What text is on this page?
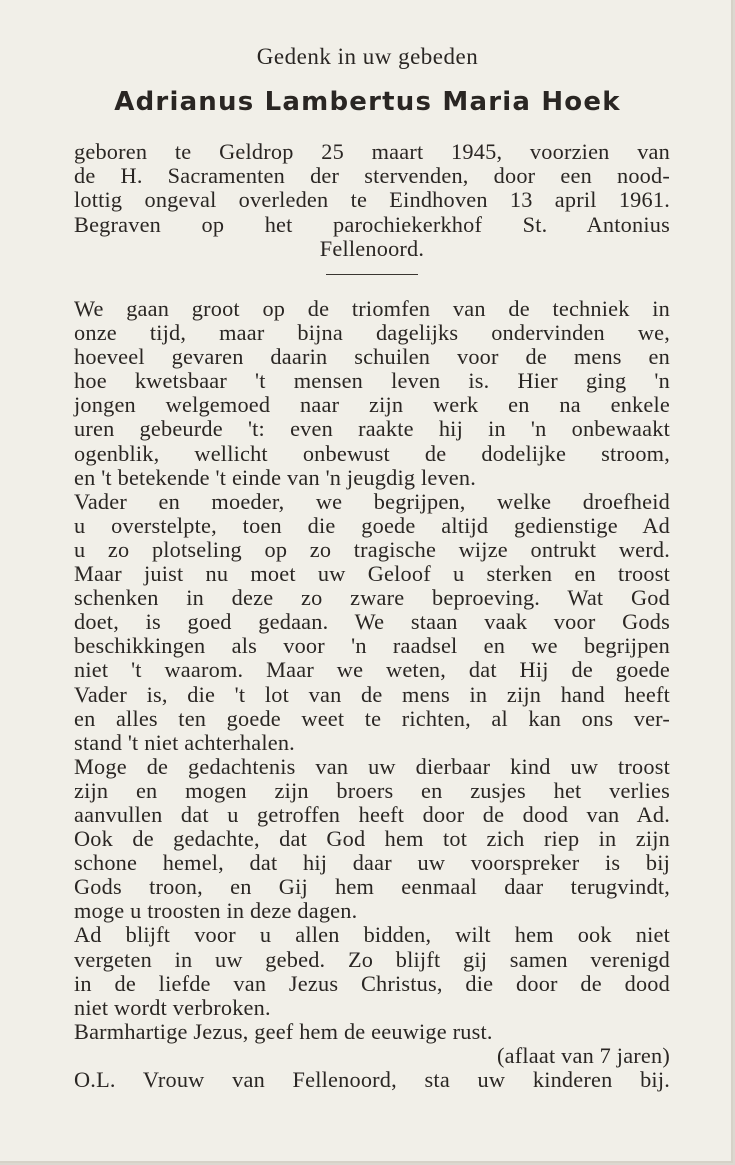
Gedenk in uw gebeden
Adrianus Lambertus Maria Hoek
geboren te Geldrop 25 maart 1945, voorzien van
de H. Sacramenten der stervenden, door een nood-
lottig ongeval overleden te Eindhoven 13 april 1961.
Begraven op het parochiekerkhof St. Antonius
Fellenoord.
We gaan groot op de triomfen van de techniek in
onze tijd, maar bijna dagelijks ondervinden we,
hoeveel gevaren daarin schuilen voor de mens en
hoe kwetsbaar 't mensen leven is. Hier ging 'n
jongen welgemoed naar zijn werk en na enkele
uren gebeurde 't: even raakte hij in 'n onbewaakt
ogenblik, wellicht onbewust de dodelijke stroom,
en 't betekende 't einde van 'n jeugdig leven.
Vader en moeder, we begrijpen, welke droefheid
u overstelpte, toen die goede altijd gedienstige Ad
u zo plotseling op zo tragische wijze ontrukt werd.
Maar juist nu moet uw Geloof u sterken en troost
schenken in deze zo zware beproeving. Wat God
doet, is goed gedaan. We staan vaak voor Gods
beschikkingen als voor 'n raadsel en we begrijpen
niet 't waarom. Maar we weten, dat Hij de goede
Vader is, die 't lot van de mens in zijn hand heeft
en alles ten goede weet te richten, al kan ons ver-
stand 't niet achterhalen.
Moge de gedachtenis van uw dierbaar kind uw troost
zijn en mogen zijn broers en zusjes het verlies
aanvullen dat u getroffen heeft door de dood van Ad.
Ook de gedachte, dat God hem tot zich riep in zijn
schone hemel, dat hij daar uw voorspreker is bij
Gods troon, en Gij hem eenmaal daar terugvindt,
moge u troosten in deze dagen.
Ad blijft voor u allen bidden, wilt hem ook niet
vergeten in uw gebed. Zo blijft gij samen verenigd
in de liefde van Jezus Christus, die door de dood
niet wordt verbroken.
Barmhartige Jezus, geef hem de eeuwige rust.
(aflaat van 7 jaren)
O.L. Vrouw van Fellenoord, sta uw kinderen bij.
